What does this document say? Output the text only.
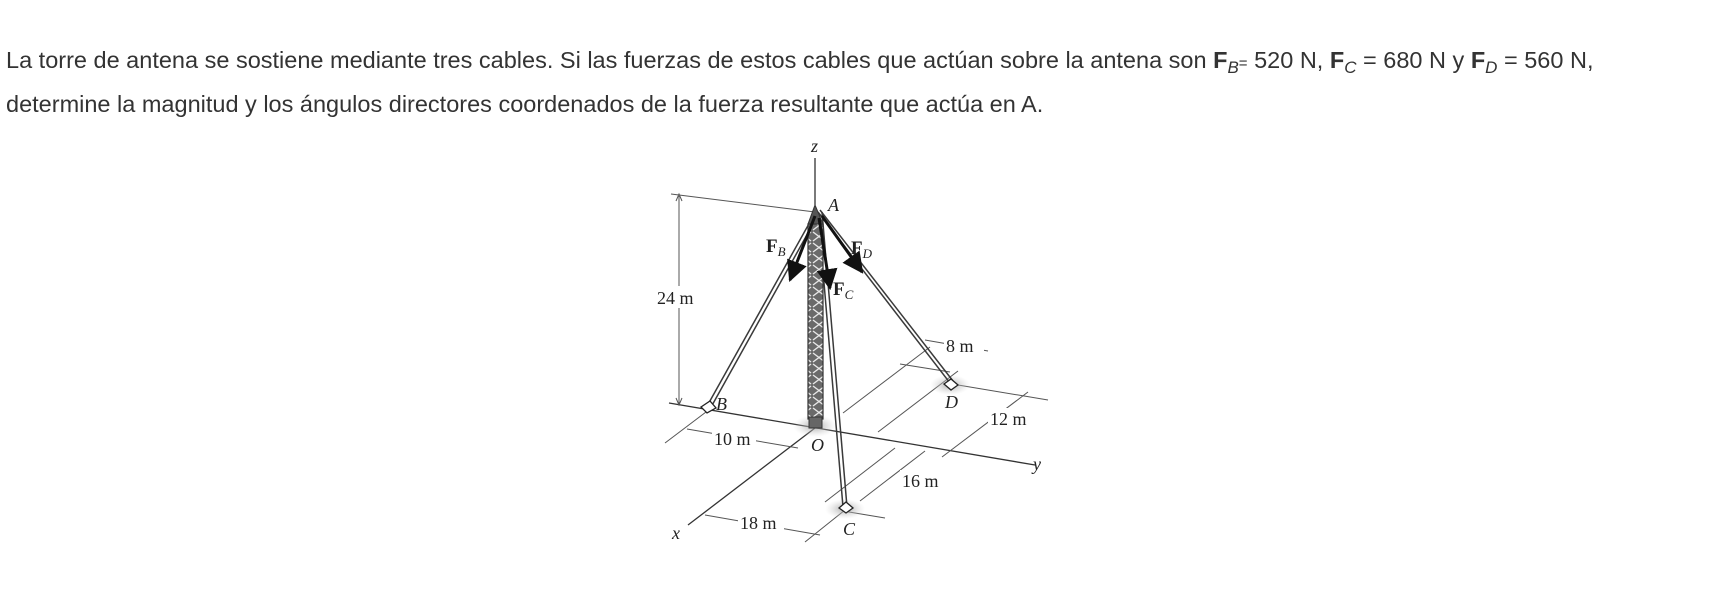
La torre de antena se sostiene mediante tres cables. Si las fuerzas de estos cables que actúan sobre la antena son $F_B= 520$ N, $F_C = 680$ N y $F_D = 560$ N,
determine la magnitud y los ángulos directores coordenados de la fuerza resultante que actúa en A.
z
x
y
A
B
C
D
O
$F_B$
$F_C$
$F_D$
24 m
8 m
12 m
10 m
16 m
18 m
